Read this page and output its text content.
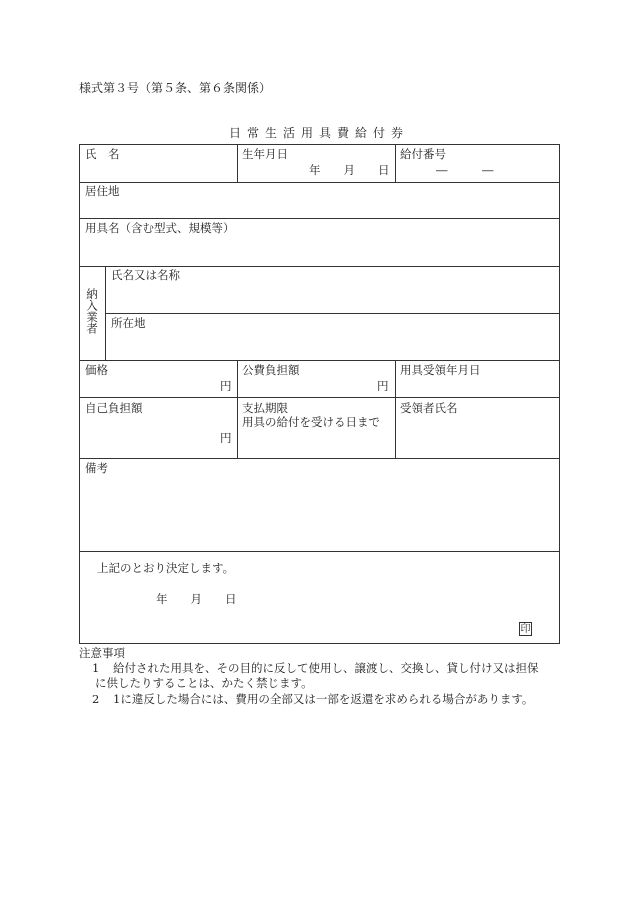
様式第３号（第５条、第６条関係）
日常生活用具費給付券
氏　名	生年月日
年　　月　　日
給付番号
―　　　―
居住地
用具名（含む型式、規模等）
納入業者
氏名又は名称
所在地
価格
円
公費負担額
円
用具受領年月日
自己負担額
円
支払期限
用具の給付を受ける日まで
受領者氏名
備考
上記のとおり決定します。
年　　月　　日
印
注意事項
1 給付された用具を、その目的に反して使用し、譲渡し、交換し、貸し付け又は担保
に供したりすることは、かたく禁じます。
2 1に違反した場合には、費用の全部又は一部を返還を求められる場合があります。
